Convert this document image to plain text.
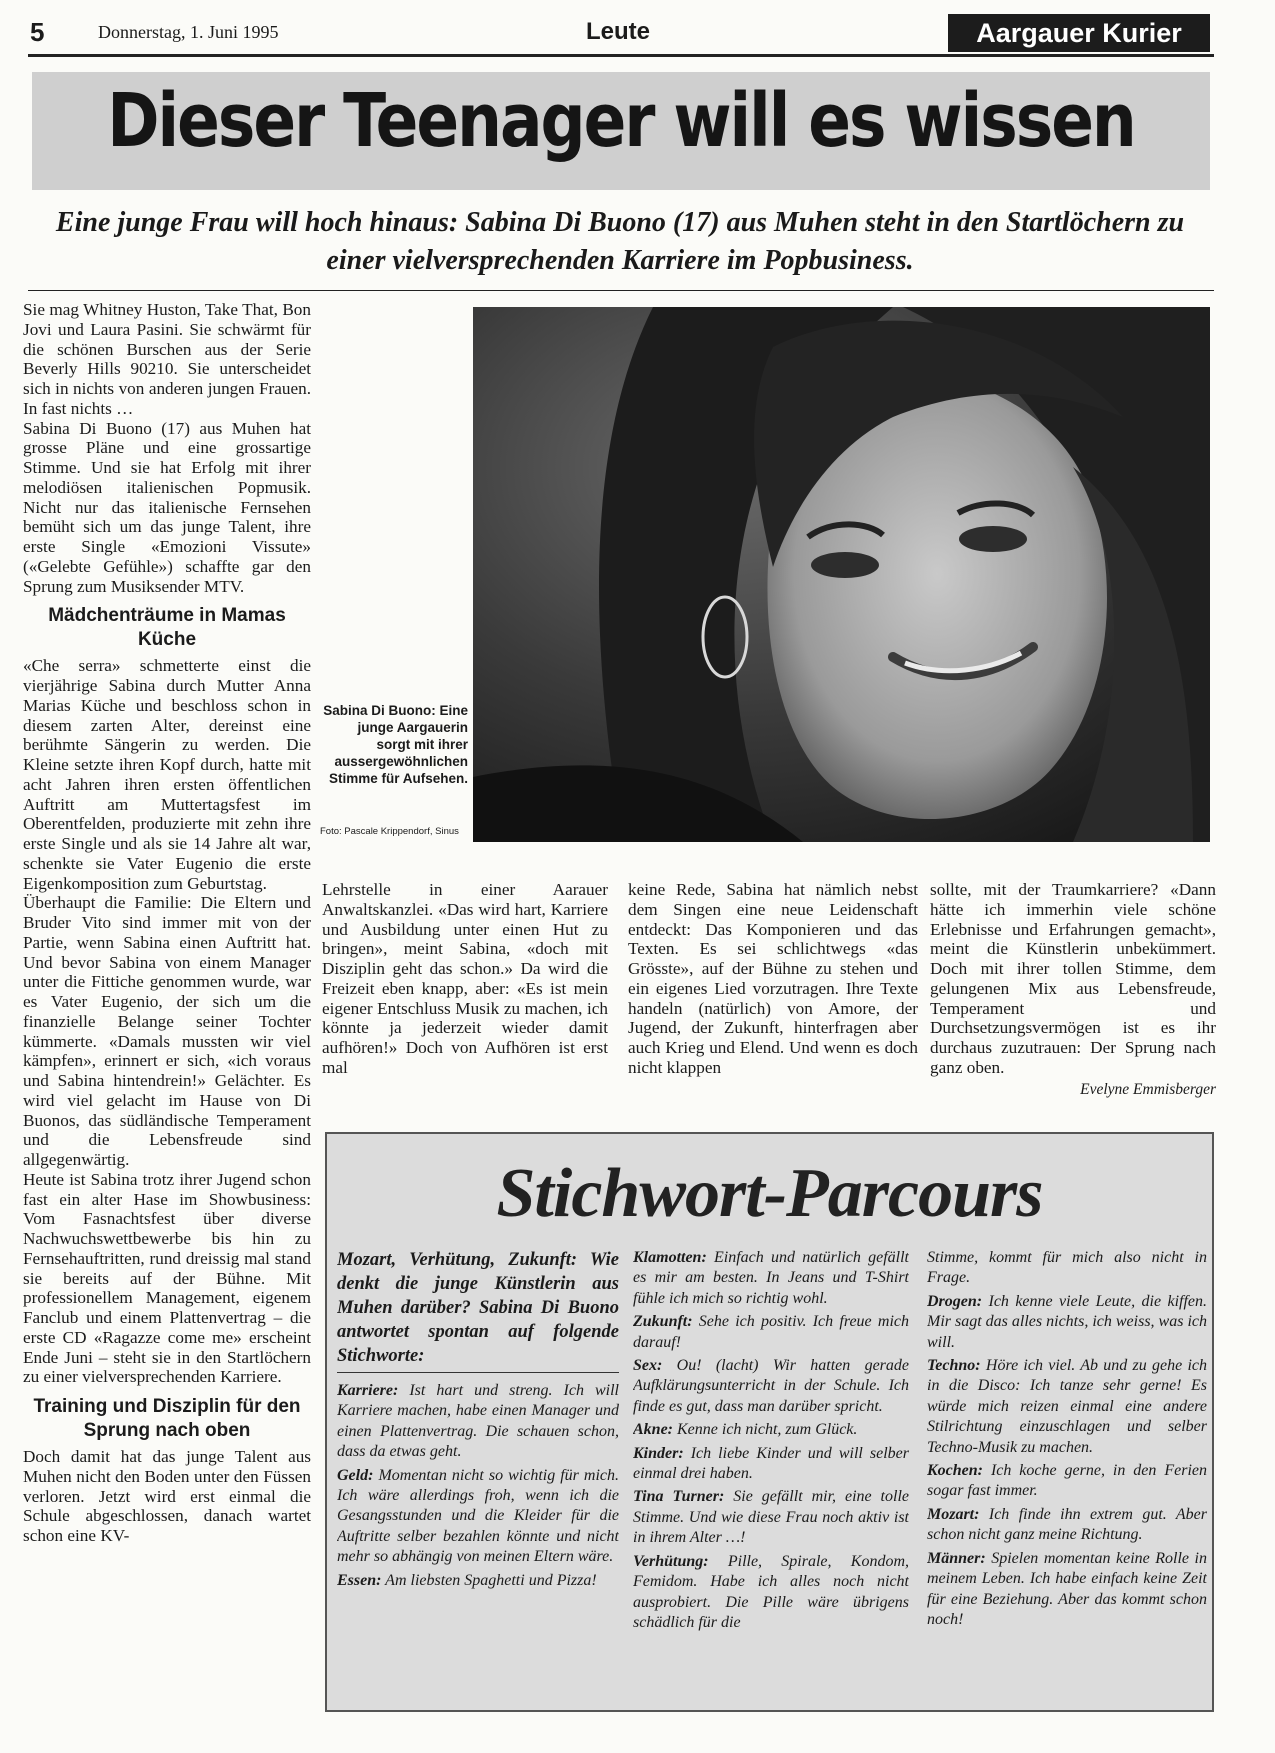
5	Donnerstag, 1. Juni 1995	Leute	Aargauer Kurier
Dieser Teenager will es wissen
Eine junge Frau will hoch hinaus: Sabina Di Buono (17) aus Muhen steht in den Startlöchern zu einer vielversprechenden Karriere im Popbusiness.

Sie mag Whitney Huston, Take That, Bon Jovi und Laura Pasini. Sie schwärmt für die schönen Burschen aus der Serie Beverly Hills 90210. Sie unterscheidet sich in nichts von anderen jungen Frauen. In fast nichts …

Sabina Di Buono (17) aus Muhen hat grosse Pläne und eine grossartige Stimme. Und sie hat Erfolg mit ihrer melodiösen italienischen Popmusik. Nicht nur das italienische Fernsehen bemüht sich um das junge Talent, ihre erste Single «Emozioni Vissute» («Gelebte Gefühle») schaffte gar den Sprung zum Musiksender MTV.

Mädchenträume in Mamas Küche

«Che serra» schmetterte einst die vierjährige Sabina durch Mutter Anna Marias Küche und beschloss schon in diesem zarten Alter, dereinst eine berühmte Sängerin zu werden. Die Kleine setzte ihren Kopf durch, hatte mit acht Jahren ihren ersten öffentlichen Auftritt am Muttertagsfest im Oberentfelden, produzierte mit zehn ihre erste Single und als sie 14 Jahre alt war, schenkte sie Vater Eugenio die erste Eigenkomposition zum Geburtstag.

Überhaupt die Familie: Die Eltern und Bruder Vito sind immer mit von der Partie, wenn Sabina einen Auftritt hat. Und bevor Sabina von einem Manager unter die Fittiche genommen wurde, war es Vater Eugenio, der sich um die finanzielle Belange seiner Tochter kümmerte. «Damals mussten wir viel kämpfen», erinnert er sich, «ich voraus und Sabina hintendrein!» Gelächter. Es wird viel gelacht im Hause von Di Buonos, das südländische Temperament und die Lebensfreude sind allgegenwärtig.

Heute ist Sabina trotz ihrer Jugend schon fast ein alter Hase im Showbusiness: Vom Fasnachtsfest über diverse Nachwuchswettbewerbe bis hin zu Fernsehauftritten, rund dreissig mal stand sie bereits auf der Bühne. Mit professionellem Management, eigenem Fanclub und einem Plattenvertrag – die erste CD «Ragazze come me» erscheint Ende Juni – steht sie in den Startlöchern zu einer vielversprechenden Karriere.

Training und Disziplin für den Sprung nach oben

Doch damit hat das junge Talent aus Muhen nicht den Boden unter den Füssen verloren. Jetzt wird erst einmal die Schule abgeschlossen, danach wartet schon eine KV-

Sabina Di Buono: Eine junge Aargauerin sorgt mit ihrer aussergewöhnlichen Stimme für Aufsehen.
Foto: Pascale Krippendorf, Sinus

Lehrstelle in einer Aarauer Anwaltskanzlei. «Das wird hart, Karriere und Ausbildung unter einen Hut zu bringen», meint Sabina, «doch mit Disziplin geht das schon.» Da wird die Freizeit eben knapp, aber: «Es ist mein eigener Entschluss Musik zu machen, ich könnte ja jederzeit wieder damit aufhören!» Doch von Aufhören ist erst mal

keine Rede, Sabina hat nämlich nebst dem Singen eine neue Leidenschaft entdeckt: Das Komponieren und das Texten. Es sei schlichtwegs «das Grösste», auf der Bühne zu stehen und ein eigenes Lied vorzutragen. Ihre Texte handeln (natürlich) von Amore, der Jugend, der Zukunft, hinterfragen aber auch Krieg und Elend. Und wenn es doch nicht klappen

sollte, mit der Traumkarriere? «Dann hätte ich immerhin viele schöne Erlebnisse und Erfahrungen gemacht», meint die Künstlerin unbekümmert. Doch mit ihrer tollen Stimme, dem gelungenen Mix aus Lebensfreude, Temperament und Durchsetzungsvermögen ist es ihr durchaus zuzutrauen: Der Sprung nach ganz oben.

Evelyne Emmisberger
Stichwort-Parcours

Mozart, Verhütung, Zukunft: Wie denkt die junge Künstlerin aus Muhen darüber? Sabina Di Buono antwortet spontan auf folgende Stichworte:

Karriere: Ist hart und streng. Ich will Karriere machen, habe einen Manager und einen Plattenvertrag. Die schauen schon, dass da etwas geht.

Geld: Momentan nicht so wichtig für mich. Ich wäre allerdings froh, wenn ich die Gesangsstunden und die Kleider für die Auftritte selber bezahlen könnte und nicht mehr so abhängig von meinen Eltern wäre.

Essen: Am liebsten Spaghetti und Pizza!

Klamotten: Einfach und natürlich gefällt es mir am besten. In Jeans und T-Shirt fühle ich mich so richtig wohl.

Zukunft: Sehe ich positiv. Ich freue mich darauf!

Sex: Ou! (lacht) Wir hatten gerade Aufklärungsunterricht in der Schule. Ich finde es gut, dass man darüber spricht.

Akne: Kenne ich nicht, zum Glück.

Kinder: Ich liebe Kinder und will selber einmal drei haben.

Tina Turner: Sie gefällt mir, eine tolle Stimme. Und wie diese Frau noch aktiv ist in ihrem Alter …!

Verhütung: Pille, Spirale, Kondom, Femidom. Habe ich alles noch nicht ausprobiert. Die Pille wäre übrigens schädlich für die

Stimme, kommt für mich also nicht in Frage.

Drogen: Ich kenne viele Leute, die kiffen. Mir sagt das alles nichts, ich weiss, was ich will.

Techno: Höre ich viel. Ab und zu gehe ich in die Disco: Ich tanze sehr gerne! Es würde mich reizen einmal eine andere Stilrichtung einzuschlagen und selber Techno-Musik zu machen.

Kochen: Ich koche gerne, in den Ferien sogar fast immer.

Mozart: Ich finde ihn extrem gut. Aber schon nicht ganz meine Richtung.

Männer: Spielen momentan keine Rolle in meinem Leben. Ich habe einfach keine Zeit für eine Beziehung. Aber das kommt schon noch!
